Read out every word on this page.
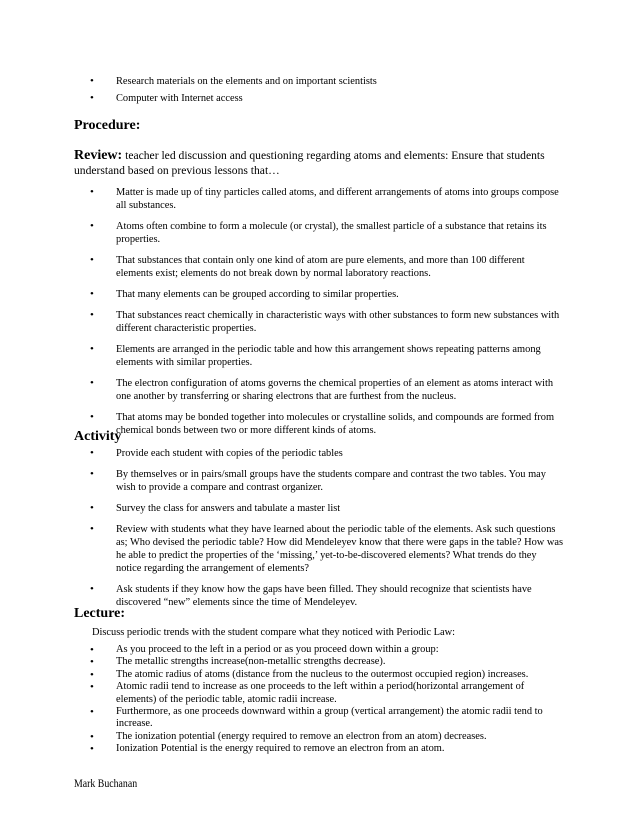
• Research materials on the elements and on important scientists
• Computer with Internet access
Procedure:
Review: teacher led discussion and questioning regarding atoms and elements: Ensure that students understand based on previous lessons that…
• Matter is made up of tiny particles called atoms, and different arrangements of atoms into groups compose all substances.
• Atoms often combine to form a molecule (or crystal), the smallest particle of a substance that retains its properties.
• That substances that contain only one kind of atom are pure elements, and more than 100 different elements exist; elements do not break down by normal laboratory reactions.
• That many elements can be grouped according to similar properties.
• That substances react chemically in characteristic ways with other substances to form new substances with different characteristic properties.
• Elements are arranged in the periodic table and how this arrangement shows repeating patterns among elements with similar properties.
• The electron configuration of atoms governs the chemical properties of an element as atoms interact with one another by transferring or sharing electrons that are furthest from the nucleus.
• That atoms may be bonded together into molecules or crystalline solids, and compounds are formed from chemical bonds between two or more different kinds of atoms.
Activity
• Provide each student with copies of the periodic tables
• By themselves or in pairs/small groups have the students compare and contrast the two tables. You may wish to provide a compare and contrast organizer.
• Survey the class for answers and tabulate a master list
• Review with students what they have learned about the periodic table of the elements. Ask such questions as; Who devised the periodic table? How did Mendeleyev know that there were gaps in the table? How was he able to predict the properties of the ‘missing,’ yet-to-be-discovered elements? What trends do they notice regarding the arrangement of elements?
• Ask students if they know how the gaps have been filled. They should recognize that scientists have discovered “new” elements since the time of Mendeleyev.
Lecture:
Discuss periodic trends with the student compare what they noticed with Periodic Law:
• As you proceed to the left in a period or as you proceed down within a group:
• The metallic strengths increase(non-metallic strengths decrease).
• The atomic radius of atoms (distance from the nucleus to the outermost occupied region) increases.
• Atomic radii tend to increase as one proceeds to the left within a period(horizontal arrangement of elements) of the periodic table, atomic radii increase.
• Furthermore, as one proceeds downward within a group (vertical arrangement) the atomic radii tend to increase.
• The ionization potential (energy required to remove an electron from an atom) decreases.
• Ionization Potential is the energy required to remove an electron from an atom.
Mark Buchanan
